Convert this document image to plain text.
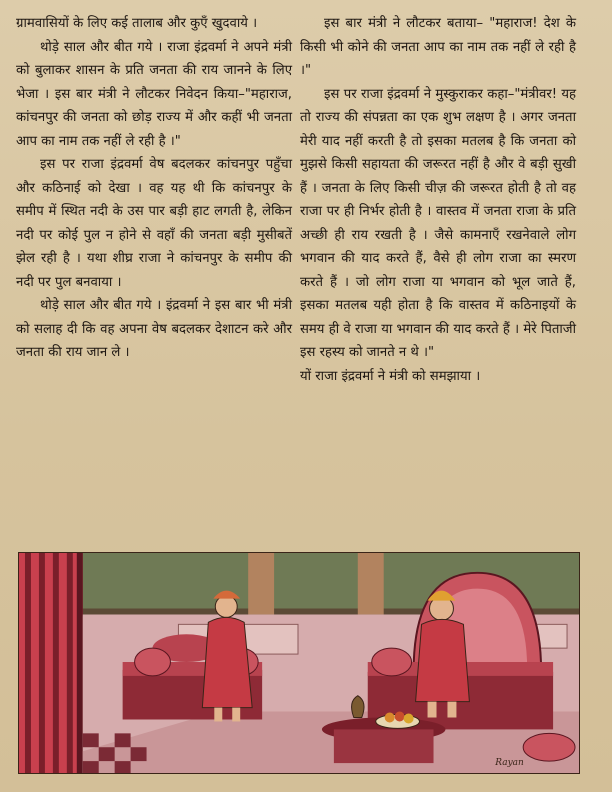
ग्रामवासियों के लिए कई तालाब और कुएँ खुदवाये ।

थोड़े साल और बीत गये । राजा इंद्रवर्मा ने अपने मंत्री को बुलाकर शासन के प्रति जनता की राय जानने के लिए भेजा । इस बार मंत्री ने लौटकर निवेदन किया–"महाराज, कांचनपुर की जनता को छोड़ राज्य में और कहीं भी जनता आप का नाम तक नहीं ले रही है ।"

इस पर राजा इंद्रवर्मा वेष बदलकर कांचनपुर पहुँचा और कठिनाई को देखा । वह यह थी कि कांचनपुर के समीप में स्थित नदी के उस पार बड़ी हाट लगती है, लेकिन नदी पर कोई पुल न होने से वहाँ की जनता बड़ी मुसीबतें झेल रही है । यथा शीघ्र राजा ने कांचनपुर के समीप की नदी पर पुल बनवाया ।

थोड़े साल और बीत गये । इंद्रवर्मा ने इस बार भी मंत्री को सलाह दी कि वह अपना वेष बदलकर देशाटन करे और जनता की राय जान ले ।

इस बार मंत्री ने लौटकर बताया– "महाराज! देश के किसी भी कोने की जनता आप का नाम तक नहीं ले रही है ।"

इस पर राजा इंद्रवर्मा ने मुस्कुराकर कहा–"मंत्रीवर! यह तो राज्य की संपन्नता का एक शुभ लक्षण है । अगर जनता मेरी याद नहीं करती है तो इसका मतलब है कि जनता को मुझसे किसी सहायता की जरूरत नहीं है और वे बड़ी सुखी हैं । जनता के लिए किसी चीज़ की जरूरत होती है तो वह राजा पर ही निर्भर होती है । वास्तव में जनता राजा के प्रति अच्छी ही राय रखती है । जैसे कामनाएँ रखनेवाले लोग भगवान की याद करते हैं, वैसे ही लोग राजा का स्मरण करते हैं । जो लोग राजा या भगवान को भूल जाते हैं, इसका मतलब यही होता है कि वास्तव में कठिनाइयों के समय ही वे राजा या भगवान की याद करते हैं । मेरे पिताजी इस रहस्य को जानते न थे ।"

यों राजा इंद्रवर्मा ने मंत्री को समझाया ।

Rayan
